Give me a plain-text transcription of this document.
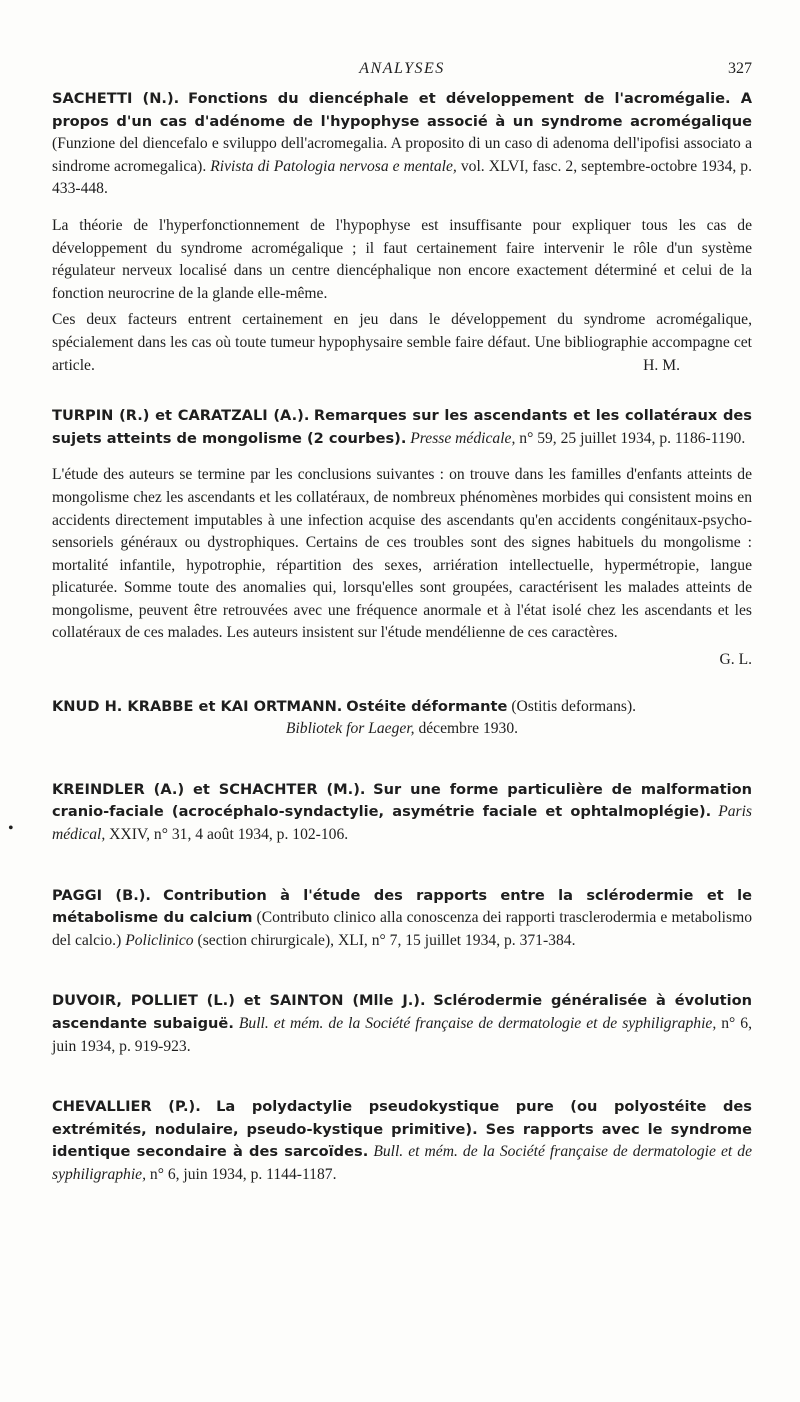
ANALYSES	327
SACHETTI (N.). Fonctions du diencéphale et développement de l'acromégalie. A propos d'un cas d'adénome de l'hypophyse associé à un syndrome acromégalique (Funzione del diencefalo e sviluppo dell'acromegalia. A proposito di un caso di adenoma dell'ipofisi associato a sindrome acromegalica). Rivista di Patologia nervosa e mentale, vol. XLVI, fasc. 2, septembre-octobre 1934, p. 433-448.

La théorie de l'hyperfonctionnement de l'hypophyse est insuffisante pour expliquer tous les cas de développement du syndrome acromégalique ; il faut certainement faire intervenir le rôle d'un système régulateur nerveux localisé dans un centre diencéphalique non encore exactement déterminé et celui de la fonction neurocrine de la glande elle-même.

Ces deux facteurs entrent certainement en jeu dans le développement du syndrome acromégalique, spécialement dans les cas où toute tumeur hypophysaire semble faire défaut. Une bibliographie accompagne cet article.	H. M.

TURPIN (R.) et CARATZALI (A.). Remarques sur les ascendants et les collatéraux des sujets atteints de mongolisme (2 courbes). Presse médicale, n° 59, 25 juillet 1934, p. 1186-1190.

L'étude des auteurs se termine par les conclusions suivantes : on trouve dans les familles d'enfants atteints de mongolisme chez les ascendants et les collatéraux, de nombreux phénomènes morbides qui consistent moins en accidents directement imputables à une infection acquise des ascendants qu'en accidents congénitaux-psycho-sensoriels généraux ou dystrophiques. Certains de ces troubles sont des signes habituels du mongolisme : mortalité infantile, hypotrophie, répartition des sexes, arriération intellectuelle, hypermétropie, langue plicaturée. Somme toute des anomalies qui, lorsqu'elles sont groupées, caractérisent les malades atteints de mongolisme, peuvent être retrouvées avec une fréquence anormale et à l'état isolé chez les ascendants et les collatéraux de ces malades. Les auteurs insistent sur l'étude mendélienne de ces caractères.

G. L.
KNUD H. KRABBE et KAI ORTMANN. Ostéite déformante (Ostitis deformans).
Bibliotek for Laeger, décembre 1930.
KREINDLER (A.) et SCHACHTER (M.). Sur une forme particulière de malformation cranio-faciale (acrocéphalo-syndactylie, asymétrie faciale et ophtalmoplégie). Paris médical, XXIV, n° 31, 4 août 1934, p. 102-106.
PAGGI (B.). Contribution à l'étude des rapports entre la sclérodermie et le métabolisme du calcium (Contributo clinico alla conoscenza dei rapporti trasclerodermia e metabolismo del calcio.) Policlinico (section chirurgicale), XLI, n° 7, 15 juillet 1934, p. 371-384.
DUVOIR, POLLIET (L.) et SAINTON (Mlle J.). Sclérodermie généralisée à évolution ascendante subaiguë. Bull. et mém. de la Société française de dermatologie et de syphiligraphie, n° 6, juin 1934, p. 919-923.
CHEVALLIER (P.). La polydactylie pseudokystique pure (ou polyostéite des extrémités, nodulaire, pseudo-kystique primitive). Ses rapports avec le syndrome identique secondaire à des sarcoïdes. Bull. et mém. de la Société française de dermatologie et de syphiligraphie, n° 6, juin 1934, p. 1144-1187.
•
